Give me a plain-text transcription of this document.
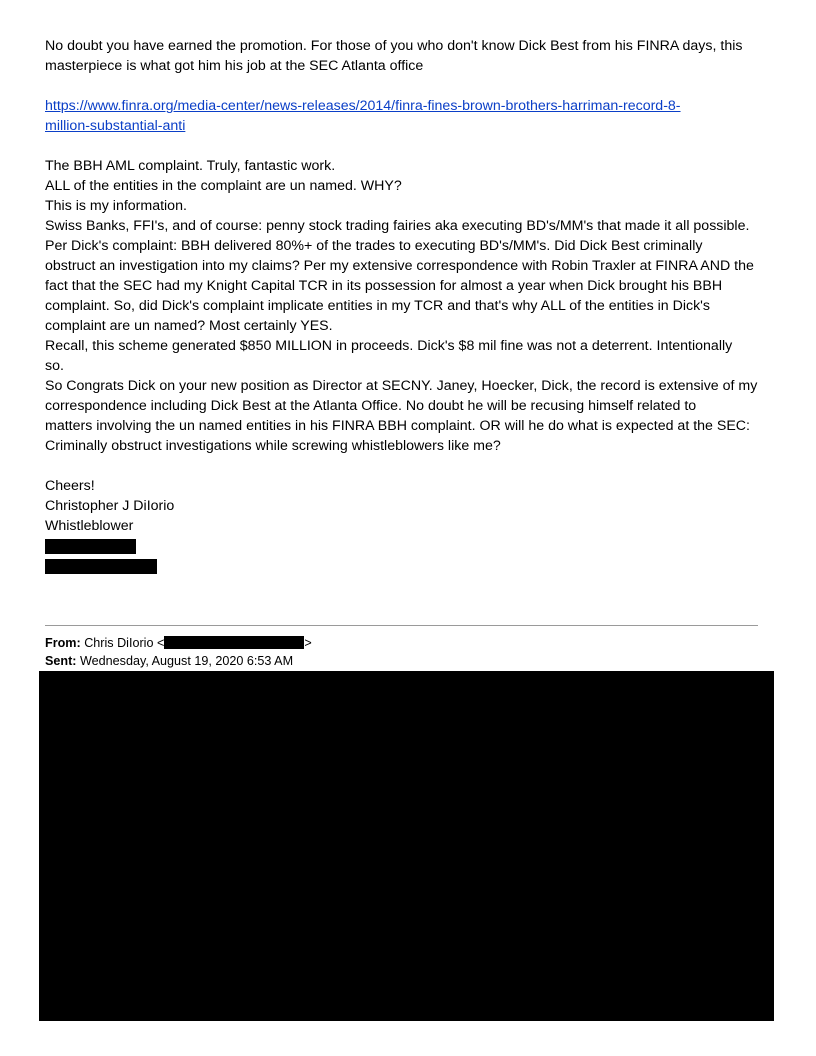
No doubt you have earned the promotion. For those of you who don't know Dick Best from his FINRA days, this
masterpiece is what got him his job at the SEC Atlanta office
https://www.finra.org/media-center/news-releases/2014/finra-fines-brown-brothers-harriman-record-8-
million-substantial-anti
The BBH AML complaint. Truly, fantastic work.
ALL of the entities in the complaint are un named. WHY?
This is my information.
Swiss Banks, FFI's, and of course: penny stock trading fairies aka executing BD's/MM's that made it all possible.
Per Dick's complaint: BBH delivered 80%+ of the trades to executing BD's/MM's. Did Dick Best criminally
obstruct an investigation into my claims? Per my extensive correspondence with Robin Traxler at FINRA AND the
fact that the SEC had my Knight Capital TCR in its possession for almost a year when Dick brought his BBH
complaint. So, did Dick's complaint implicate entities in my TCR and that's why ALL of the entities in Dick's
complaint are un named? Most certainly YES.
Recall, this scheme generated $850 MILLION in proceeds. Dick's $8 mil fine was not a deterrent. Intentionally
so.
So Congrats Dick on your new position as Director at SECNY. Janey, Hoecker, Dick, the record is extensive of my
correspondence including Dick Best at the Atlanta Office. No doubt he will be recusing himself related to
matters involving the un named entities in his FINRA BBH complaint. OR will he do what is expected at the SEC:
Criminally obstruct investigations while screwing whistleblowers like me?
Cheers!
Christopher J DiIorio
Whistleblower
From: Chris DiIorio <	>
Sent: Wednesday, August 19, 2020 6:53 AM
